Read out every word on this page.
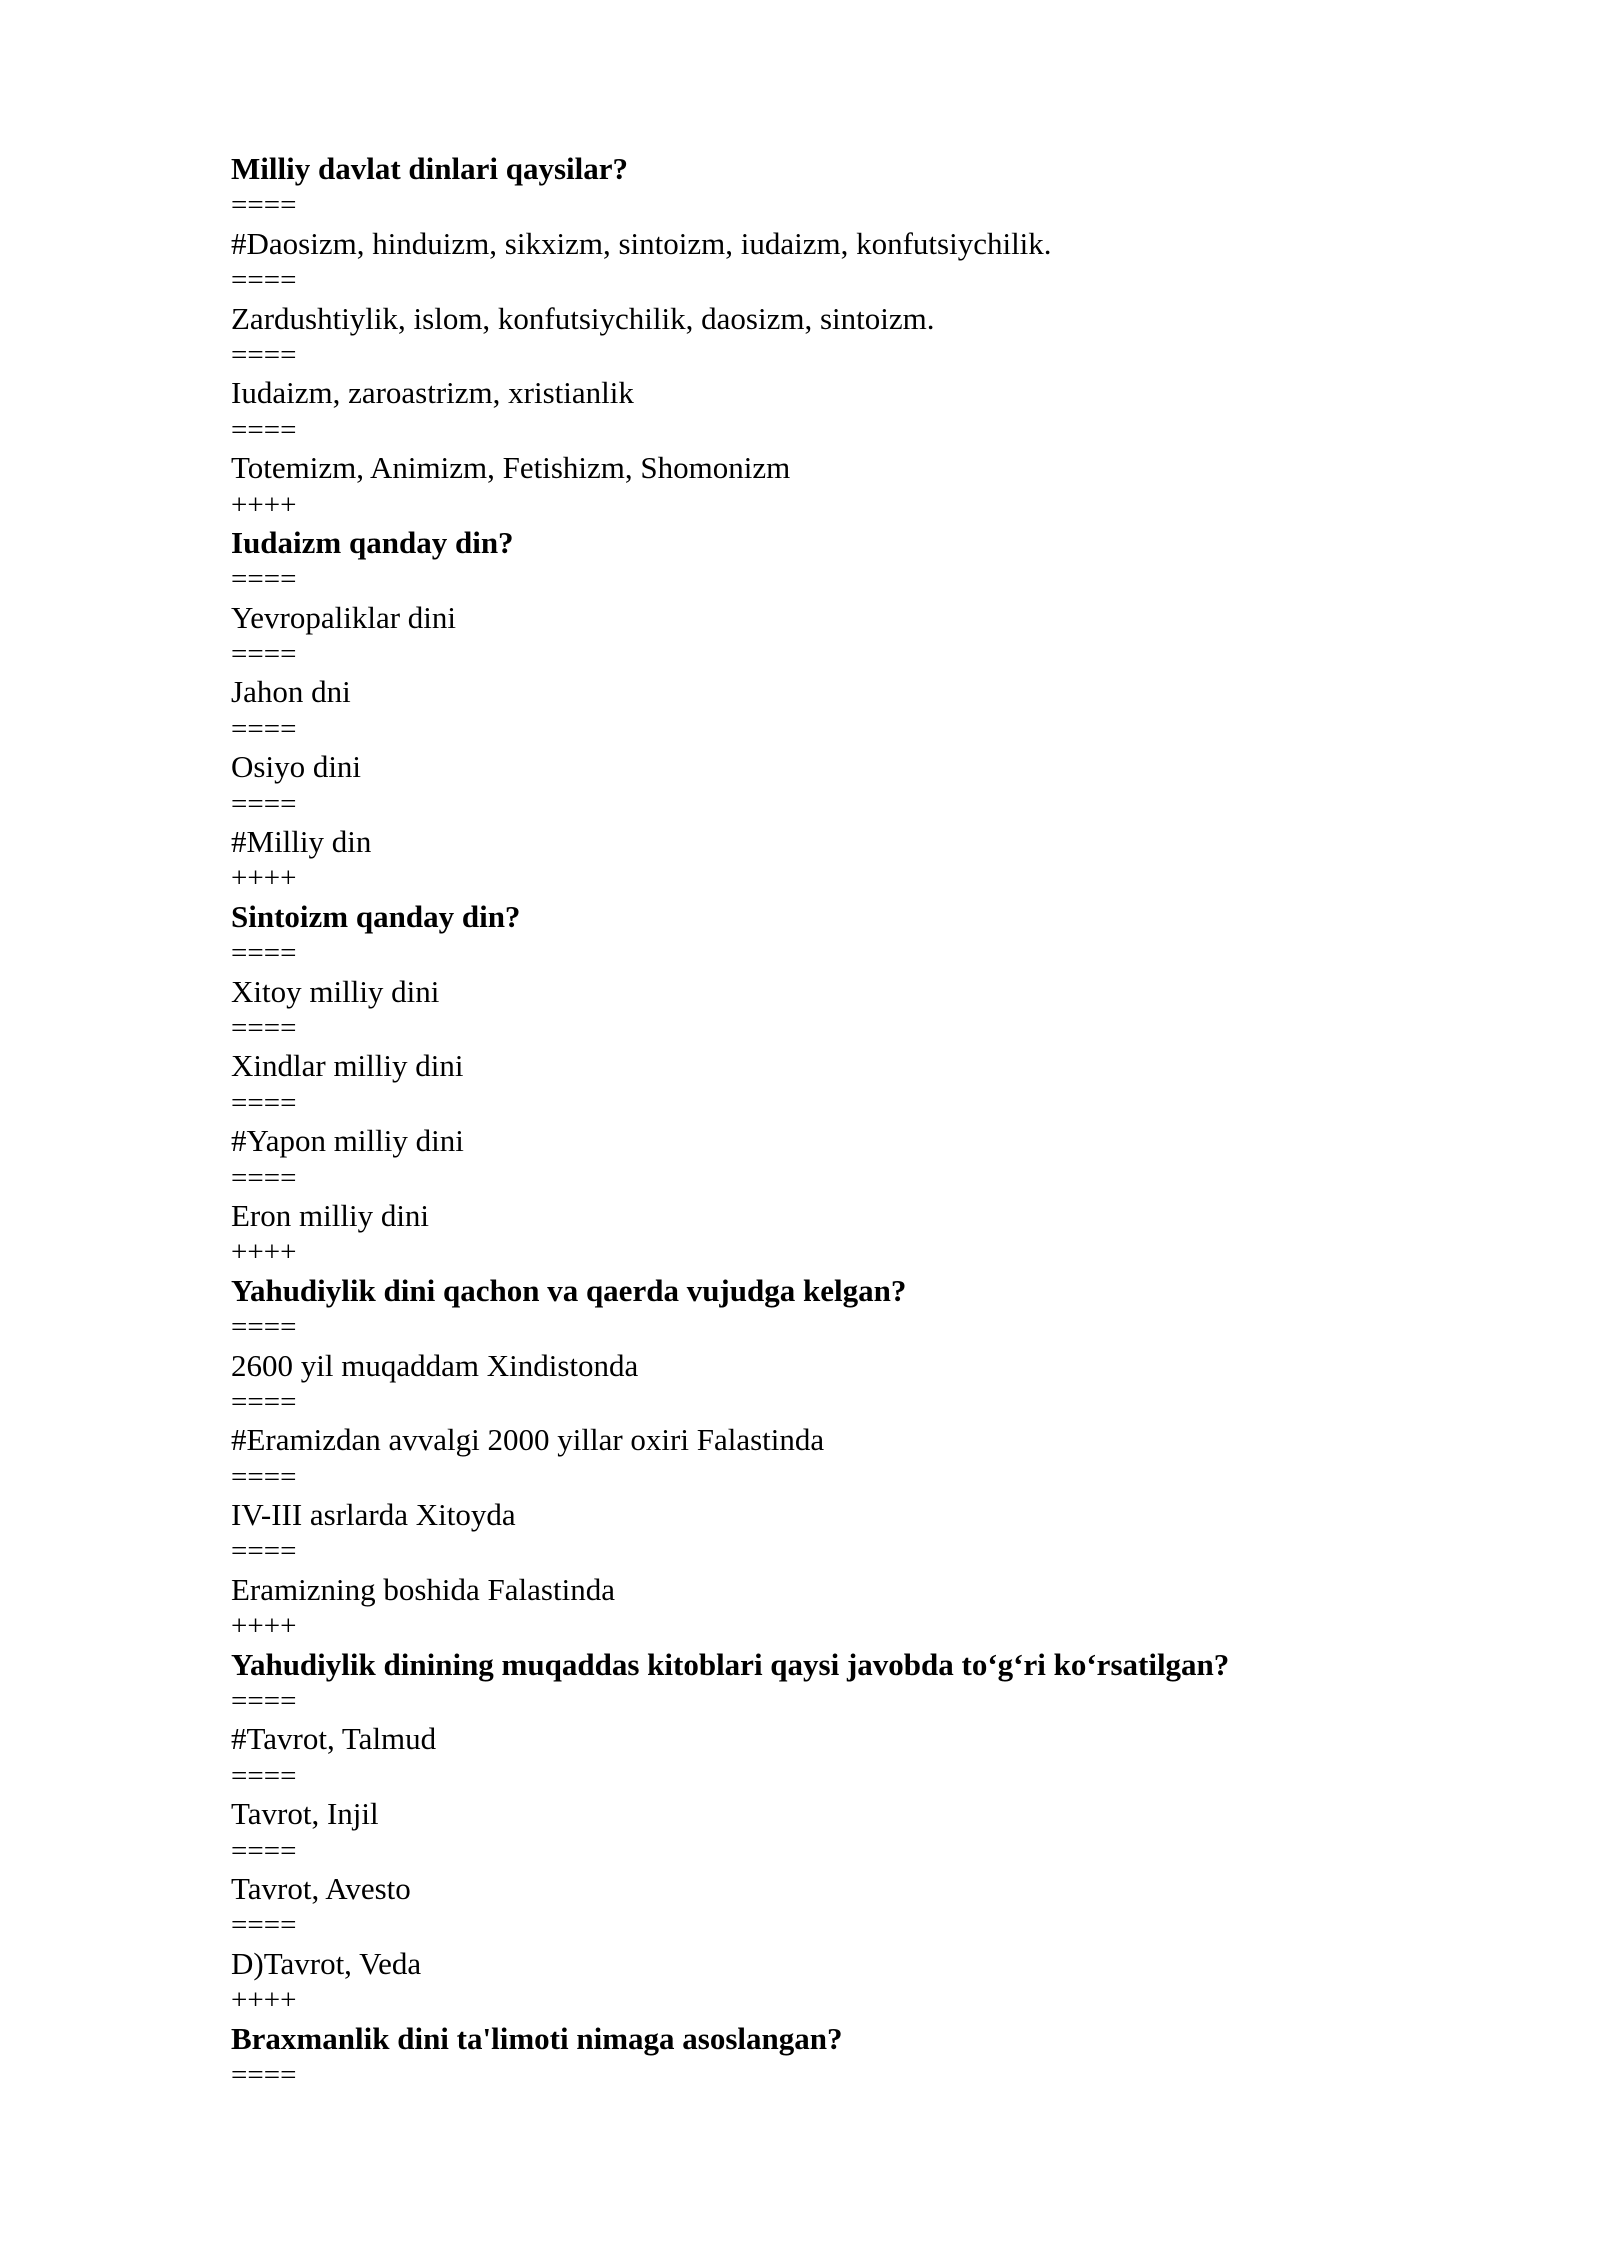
Milliy davlat dinlari qaysilar?
====
#Daosizm, hinduizm, sikxizm, sintoizm, iudaizm, konfutsiychilik.
====
Zardushtiylik, islom, konfutsiychilik, daosizm, sintoizm.
====
Iudaizm, zaroastrizm, xristianlik
====
Totemizm, Animizm, Fetishizm, Shomonizm
++++
Iudaizm qanday din?
====
Yevropaliklar dini
====
Jahon dni
====
Osiyo dini
====
#Milliy din
++++
Sintoizm qanday din?
====
Xitoy milliy dini
====
Xindlar milliy dini
====
#Yapon milliy dini
====
Eron milliy dini
++++
Yahudiylik dini qachon va qaerda vujudga kelgan?
====
2600 yil muqaddam Xindistonda
====
#Eramizdan avvalgi 2000 yillar oxiri Falastinda
====
IV-III asrlarda Xitoyda
====
Eramizning boshida Falastinda
++++
Yahudiylik dinining muqaddas kitoblari qaysi javobda to‘g‘ri ko‘rsatilgan?
====
#Tavrot, Talmud
====
Tavrot, Injil
====
Tavrot, Avesto
====
D)Tavrot, Veda
++++
Braxmanlik dini ta'limoti nimaga asoslangan?
====
